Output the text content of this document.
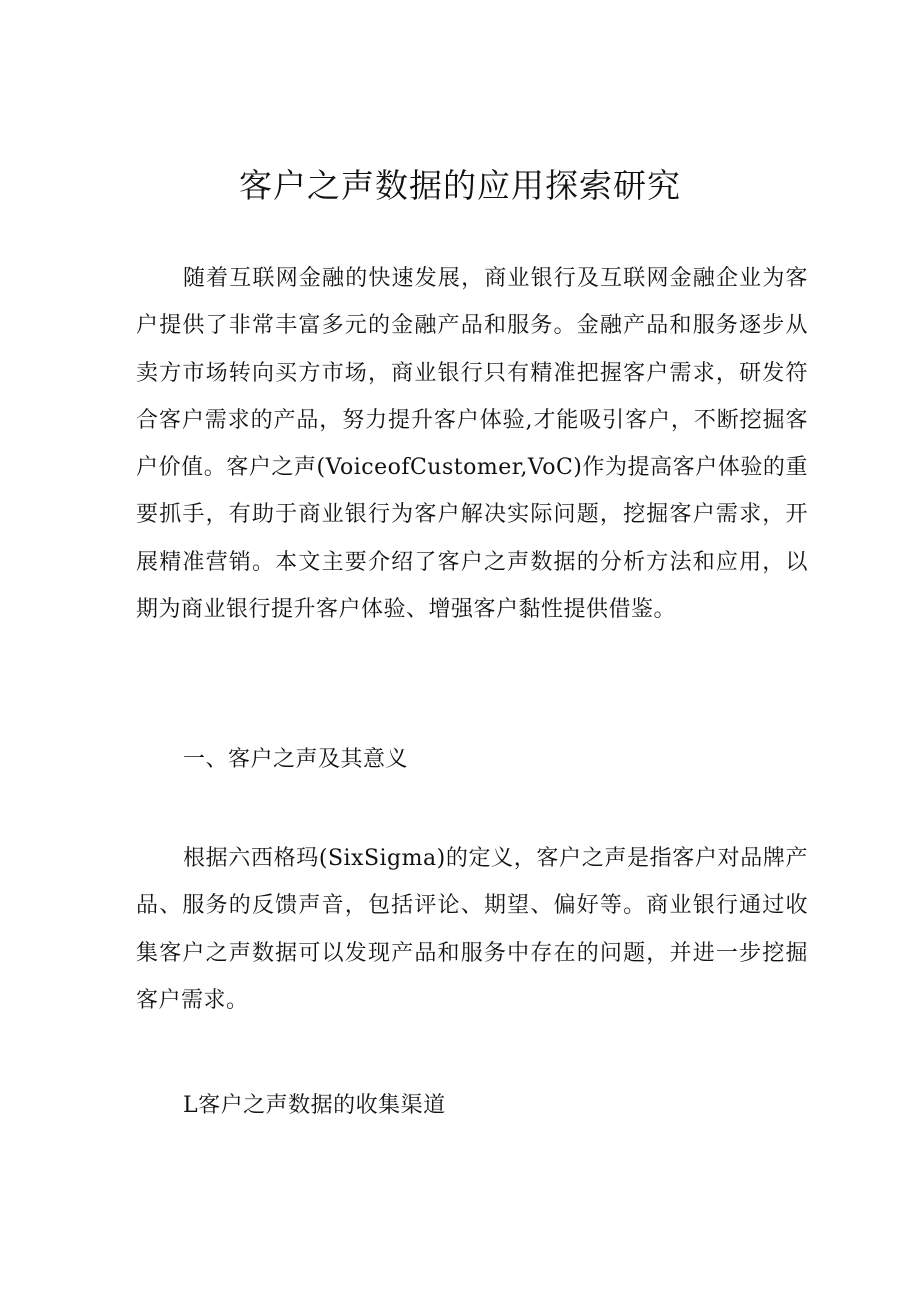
客户之声数据的应用探索研究

随着互联网金融的快速发展，商业银行及互联网金融企业为客户提供了非常丰富多元的金融产品和服务。金融产品和服务逐步从卖方市场转向买方市场，商业银行只有精准把握客户需求，研发符合客户需求的产品，努力提升客户体验,才能吸引客户，不断挖掘客户价值。客户之声(VoiceofCustomer,VoC)作为提高客户体验的重要抓手，有助于商业银行为客户解决实际问题，挖掘客户需求，开展精准营销。本文主要介绍了客户之声数据的分析方法和应用，以期为商业银行提升客户体验、增强客户黏性提供借鉴。

一、客户之声及其意义

根据六西格玛(SixSigma)的定义，客户之声是指客户对品牌产品、服务的反馈声音，包括评论、期望、偏好等。商业银行通过收集客户之声数据可以发现产品和服务中存在的问题，并进一步挖掘客户需求。

L客户之声数据的收集渠道
